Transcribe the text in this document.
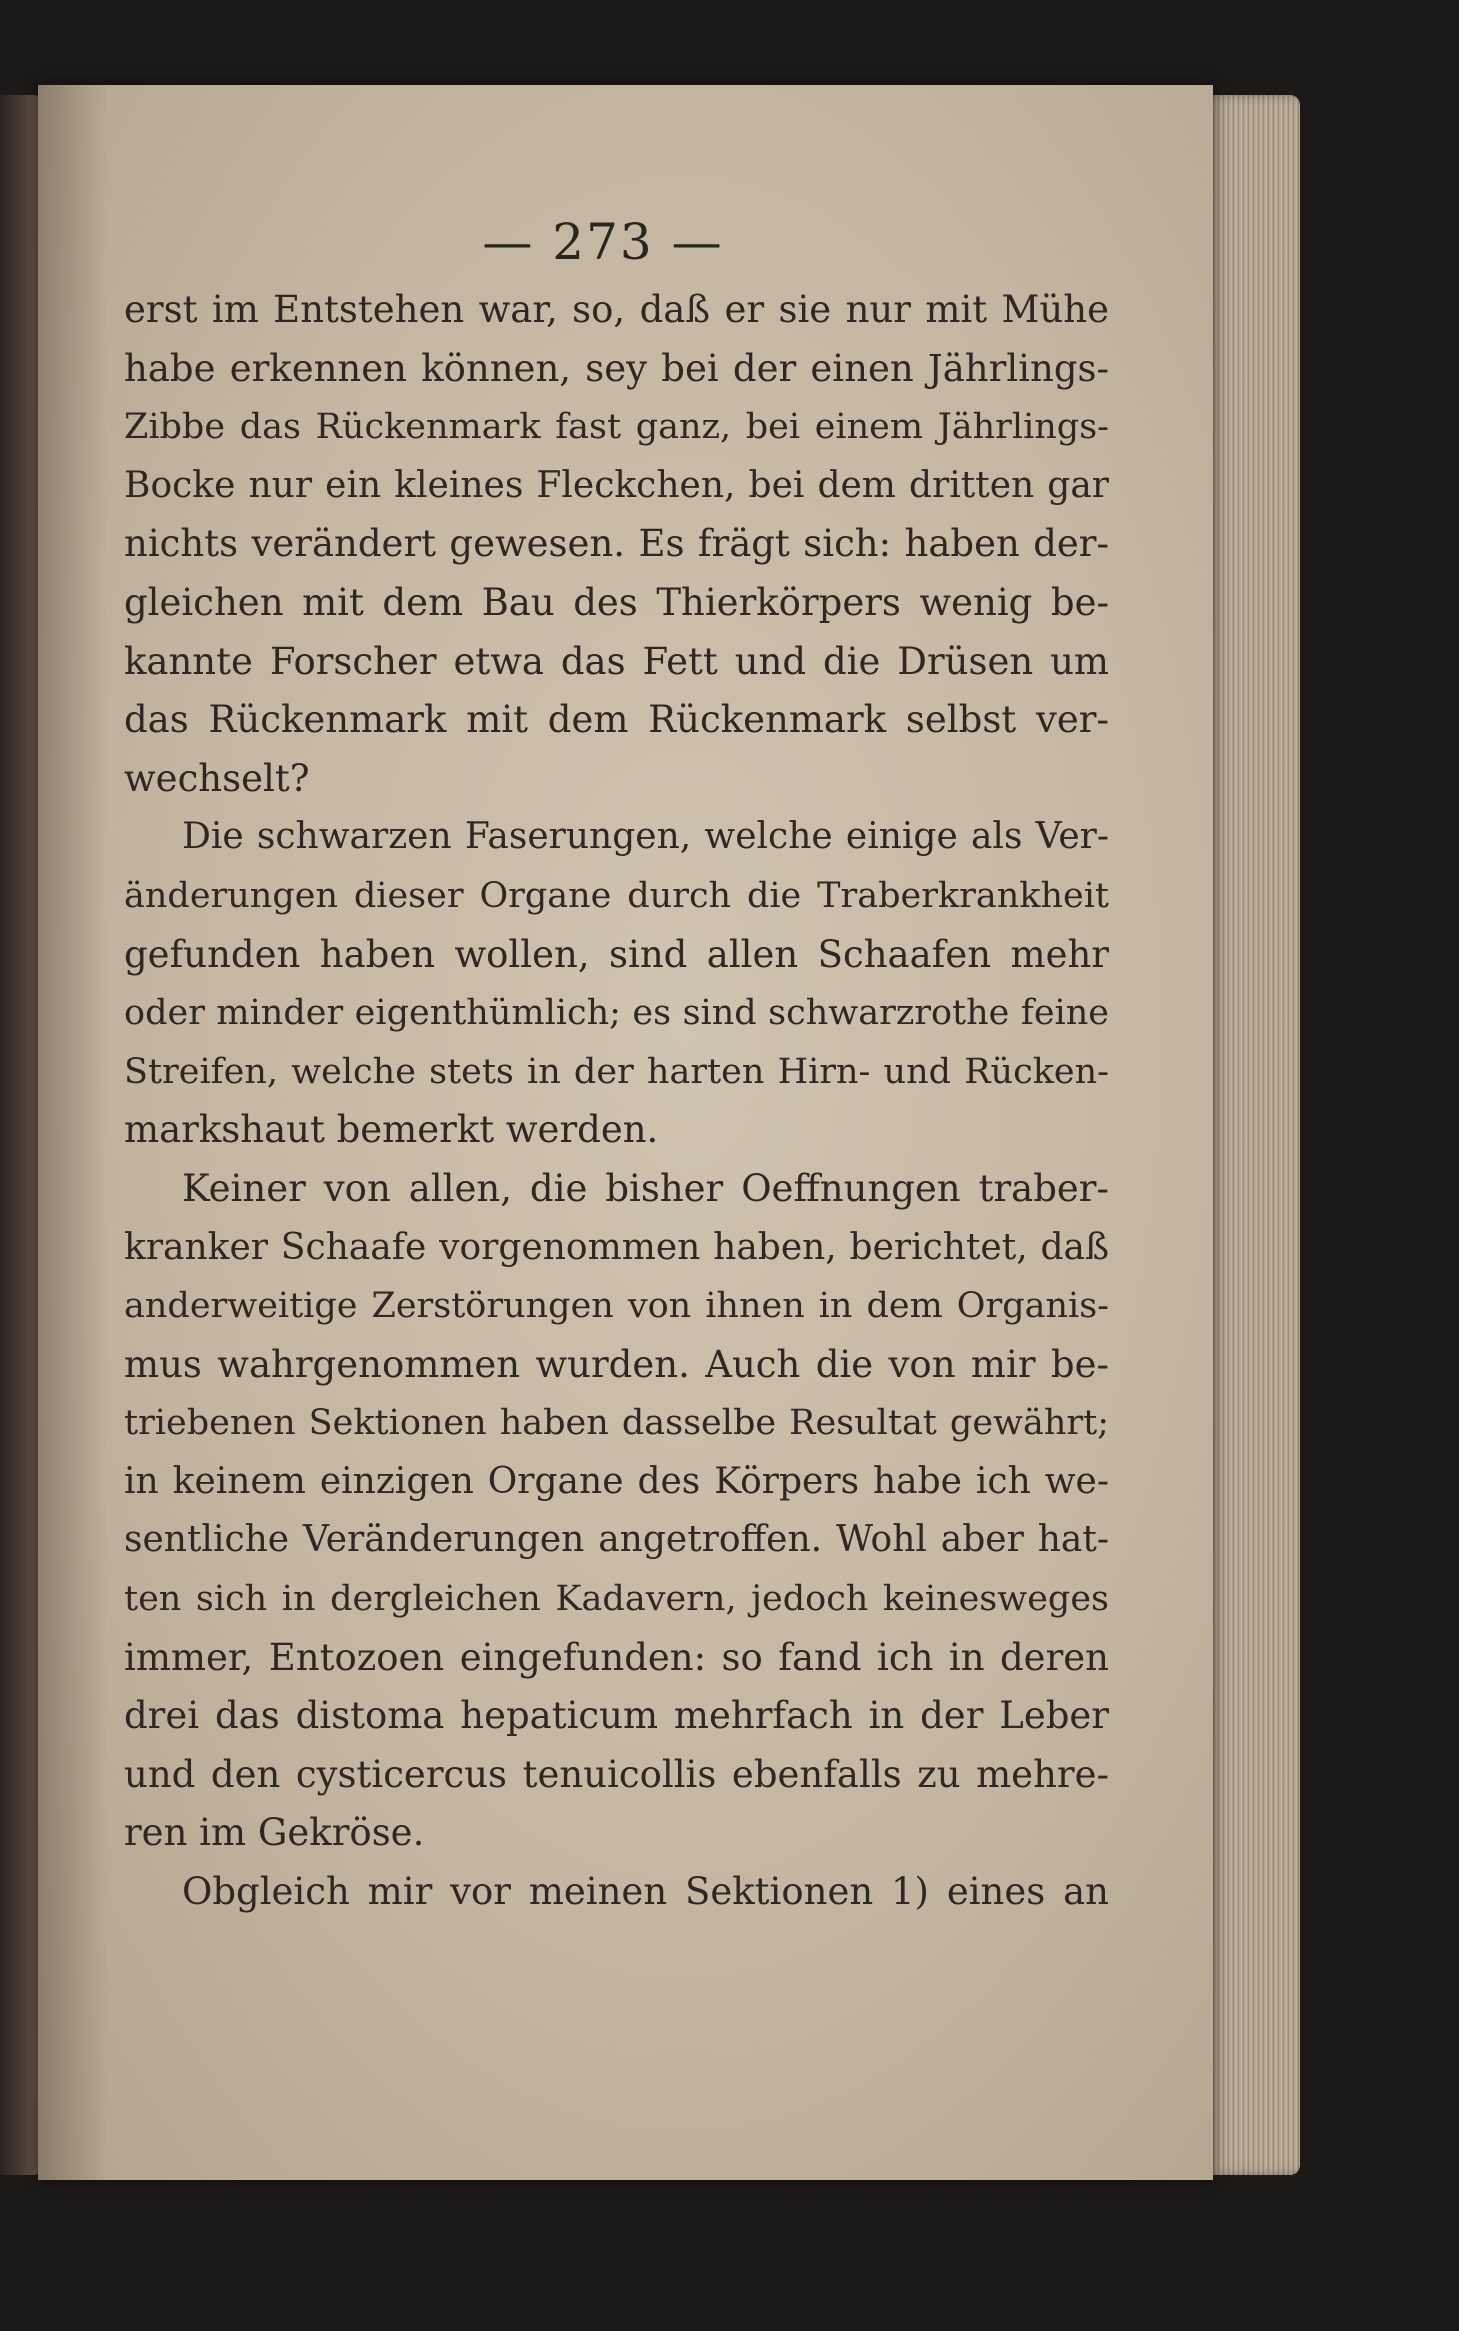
— 273 —
erst im Entstehen war, so, daß er sie nur mit Mühe
habe erkennen können, sey bei der einen Jährlings-
Zibbe das Rückenmark fast ganz, bei einem Jährlings-
Bocke nur ein kleines Fleckchen, bei dem dritten gar
nichts verändert gewesen. Es frägt sich: haben der-
gleichen mit dem Bau des Thierkörpers wenig be-
kannte Forscher etwa das Fett und die Drüsen um
das Rückenmark mit dem Rückenmark selbst ver-
wechselt?
Die schwarzen Faserungen, welche einige als Ver-
änderungen dieser Organe durch die Traberkrankheit
gefunden haben wollen, sind allen Schaafen mehr
oder minder eigenthümlich; es sind schwarzrothe feine
Streifen, welche stets in der harten Hirn- und Rücken-
markshaut bemerkt werden.
Keiner von allen, die bisher Oeffnungen traber-
kranker Schaafe vorgenommen haben, berichtet, daß
anderweitige Zerstörungen von ihnen in dem Organis-
mus wahrgenommen wurden. Auch die von mir be-
triebenen Sektionen haben dasselbe Resultat gewährt;
in keinem einzigen Organe des Körpers habe ich we-
sentliche Veränderungen angetroffen. Wohl aber hat-
ten sich in dergleichen Kadavern, jedoch keinesweges
immer, Entozoen eingefunden: so fand ich in deren
drei das distoma hepaticum mehrfach in der Leber
und den cysticercus tenuicollis ebenfalls zu mehre-
ren im Gekröse.
Obgleich mir vor meinen Sektionen 1) eines an
